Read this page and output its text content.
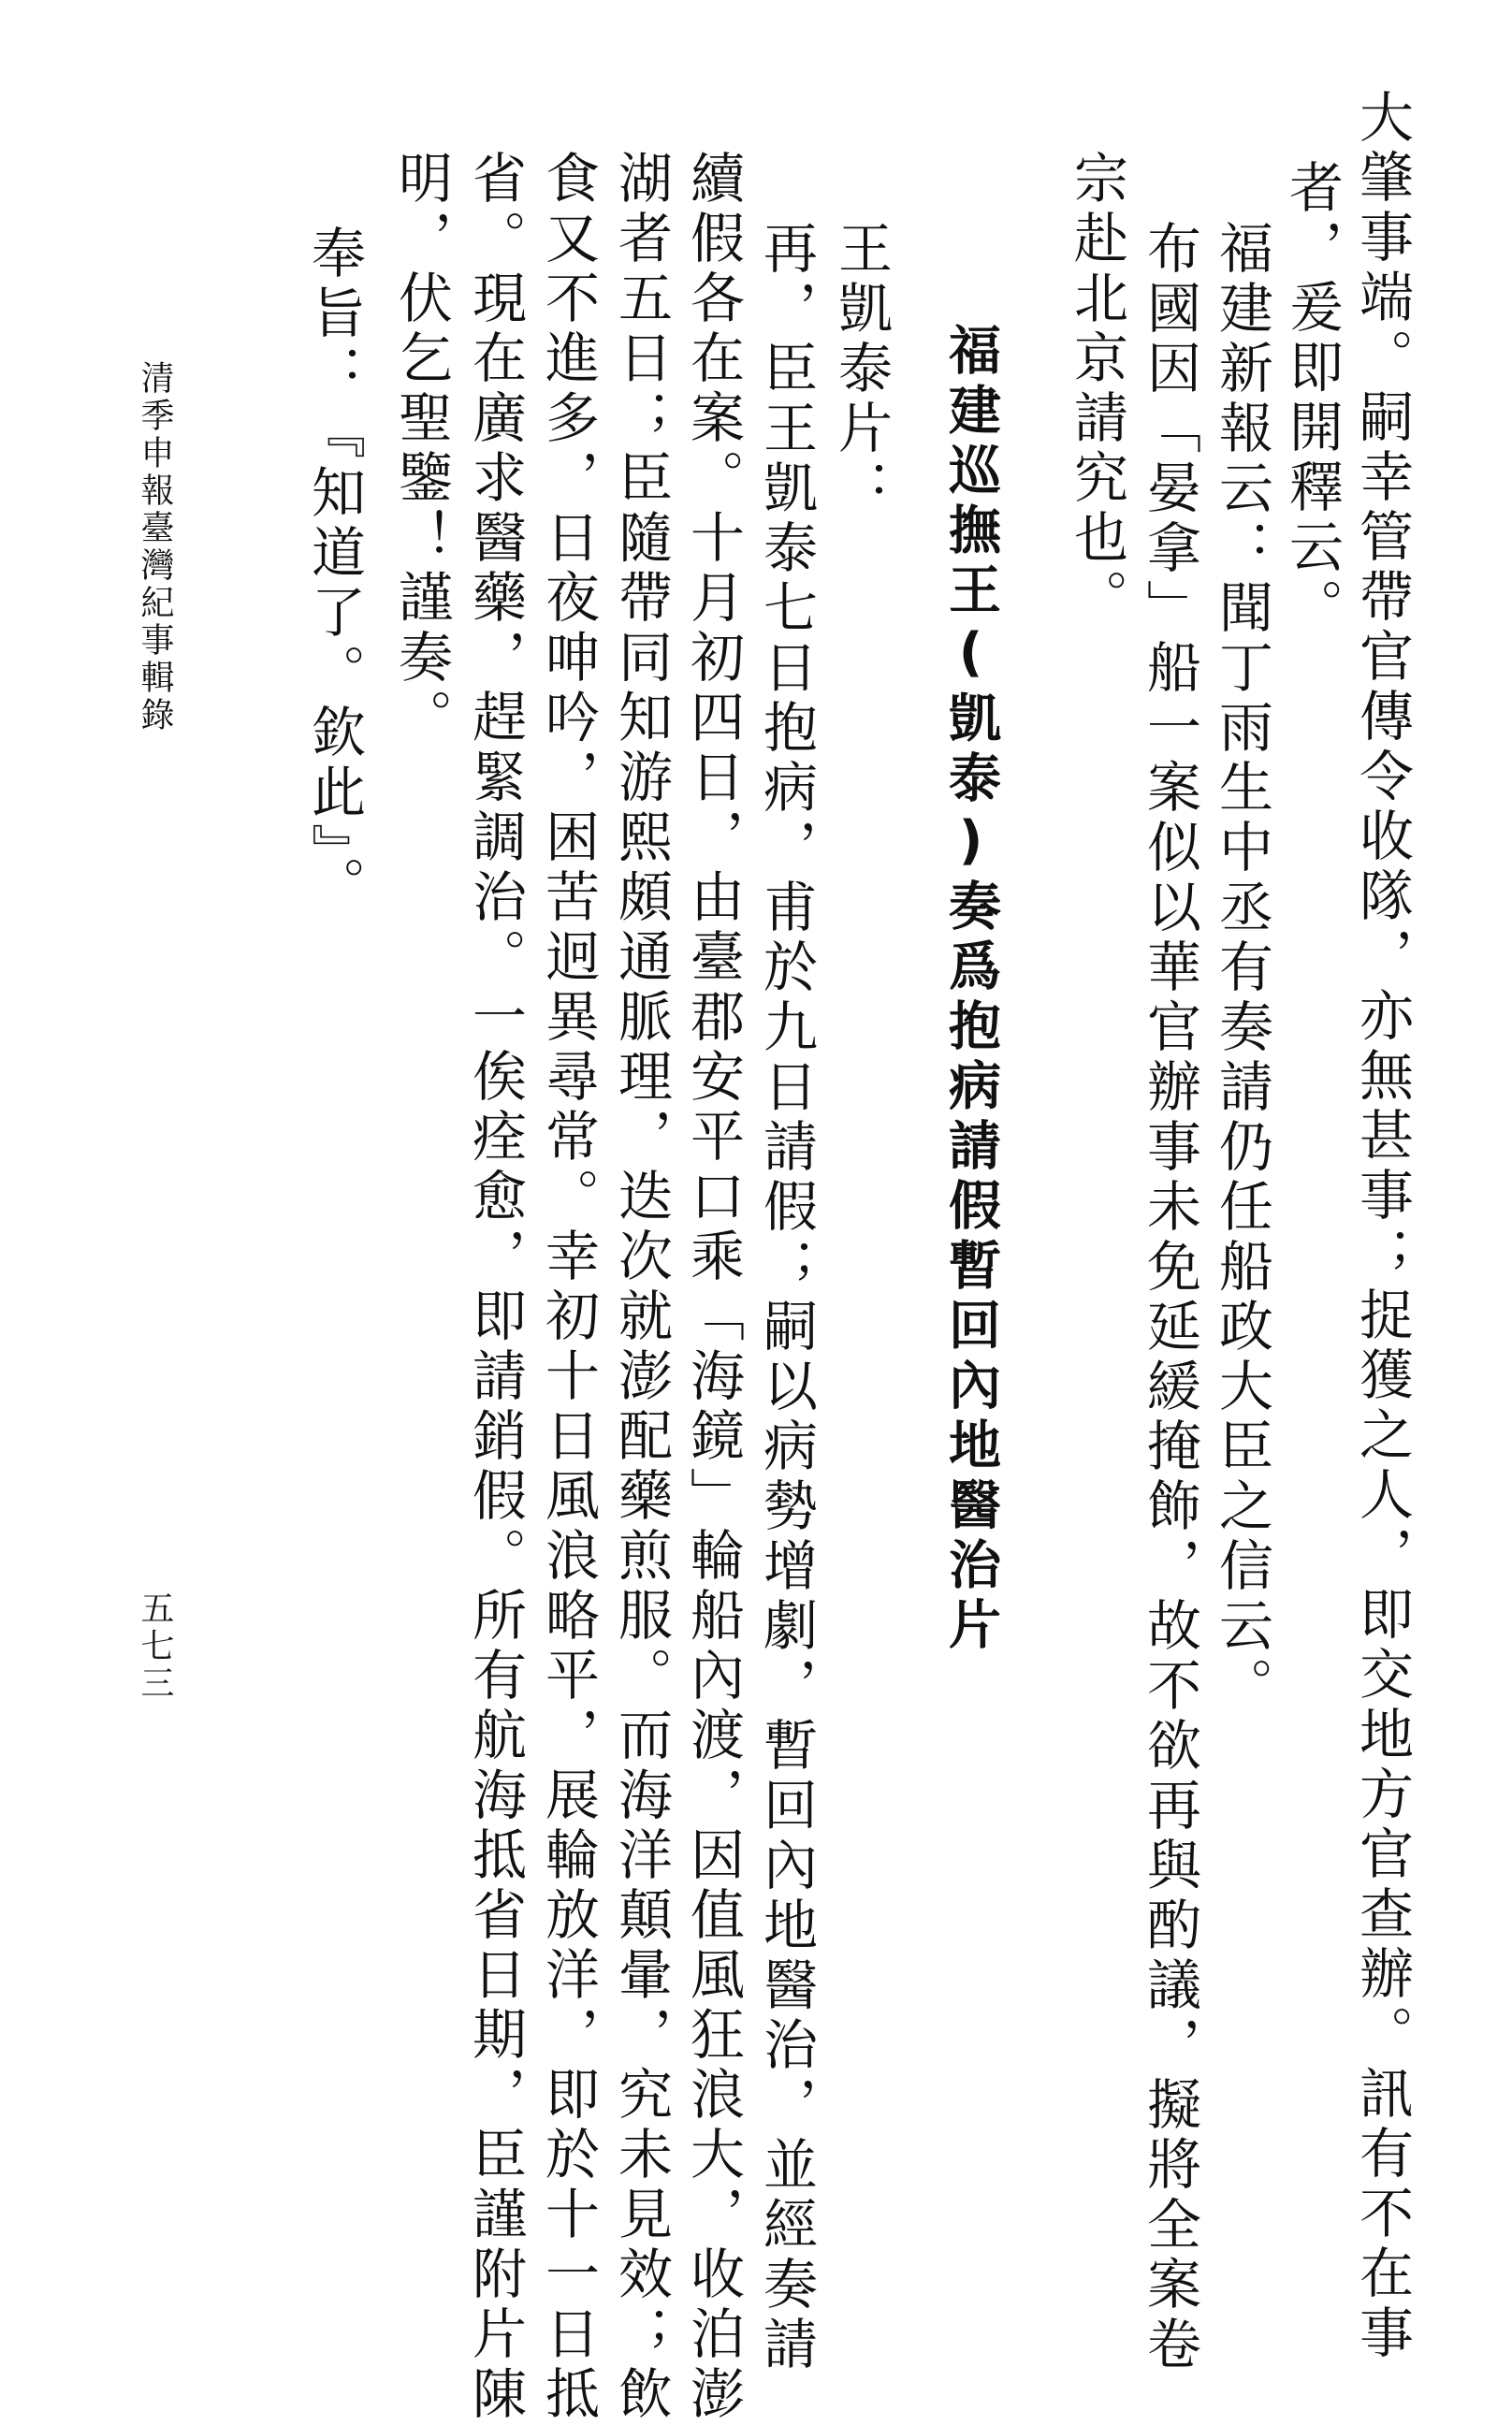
大肇事端。嗣幸管帶官傳令收隊，亦無甚事；捉獲之人，即交地方官查辦。訊有不在事
者，爰即開釋云。
福建新報云：聞丁雨生中丞有奏請仍任船政大臣之信云。
布國因「晏拿」船一案似以華官辦事未免延緩掩飾，故不欲再與酌議，擬將全案卷
宗赴北京請究也。
福建巡撫王(凱泰)奏爲抱病請假暫回內地醫治片
王凱泰片：
再，臣王凱泰七日抱病，甫於九日請假；嗣以病勢增劇，暫回內地醫治，並經奏請
續假各在案。十月初四日，由臺郡安平口乘「海鏡」輪船內渡，因值風狂浪大，收泊澎
湖者五日；臣隨帶同知游熙頗通脈理，迭次就澎配藥煎服。而海洋顛暈，究未見效；飲
食又不進多，日夜呻吟，困苦迥異尋常。幸初十日風浪略平，展輪放洋，即於十一日抵
省。現在廣求醫藥，趕緊調治。一俟痊愈，即請銷假。所有航海抵省日期，臣謹附片陳
明，伏乞聖鑒！謹奏。
奉旨：『知道了。欽此』。
清季申報臺灣紀事輯錄
五七三
